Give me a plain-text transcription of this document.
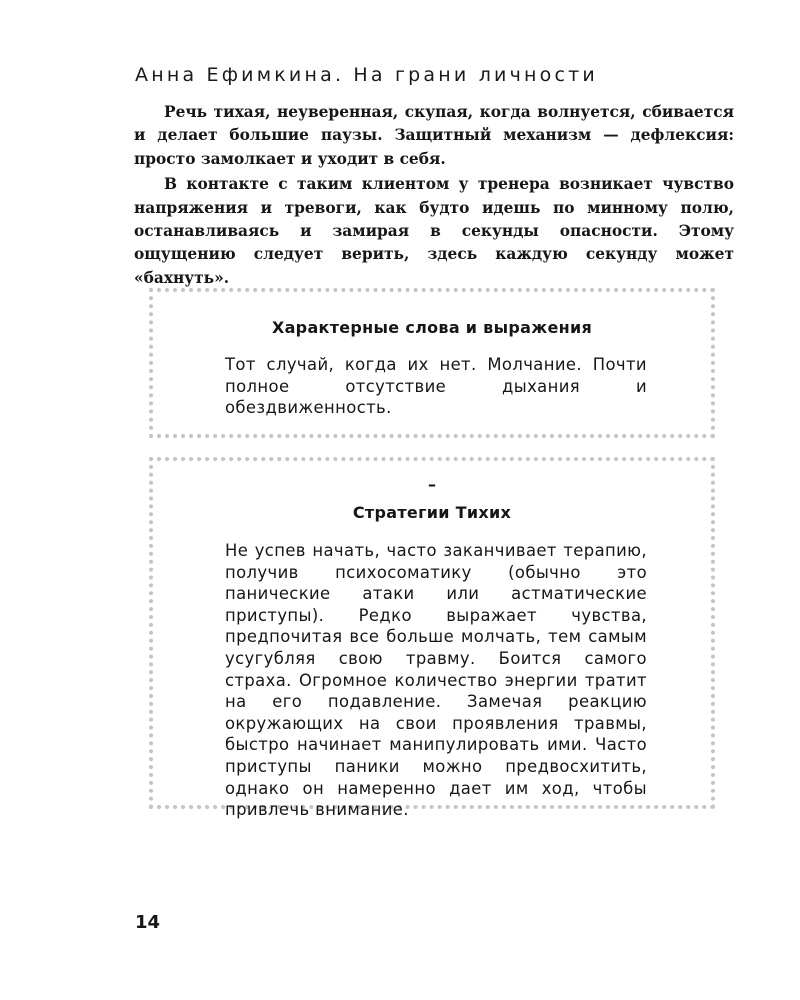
Анна Ефимкина. На грани личности

Речь тихая, неуверенная, скупая, когда волнуется, сбивается и делает большие паузы. Защитный механизм — дефлексия: просто замолкает и уходит в себя.

В контакте с таким клиентом у тренера возникает чувство напряжения и тревоги, как будто идешь по минному полю, останавливаясь и замирая в секунды опасности. Этому ощущению следует верить, здесь каждую секунду может «бахнуть».

Характерные слова и выражения
Тот случай, когда их нет. Молчание. Почти полное отсутствие дыхания и обездвиженность.
–
Стратегии Тихих
Не успев начать, часто заканчивает терапию, получив психосоматику (обычно это панические атаки или астматические приступы). Редко выражает чувства, предпочитая все больше молчать, тем самым усугубляя свою травму. Боится самого страха. Огромное количество энергии тратит на его подавление. Замечая реакцию окружающих на свои проявления травмы, быстро начинает манипулировать ими. Часто приступы паники можно предвосхитить, однако он намеренно дает им ход, чтобы привлечь внимание.
14
